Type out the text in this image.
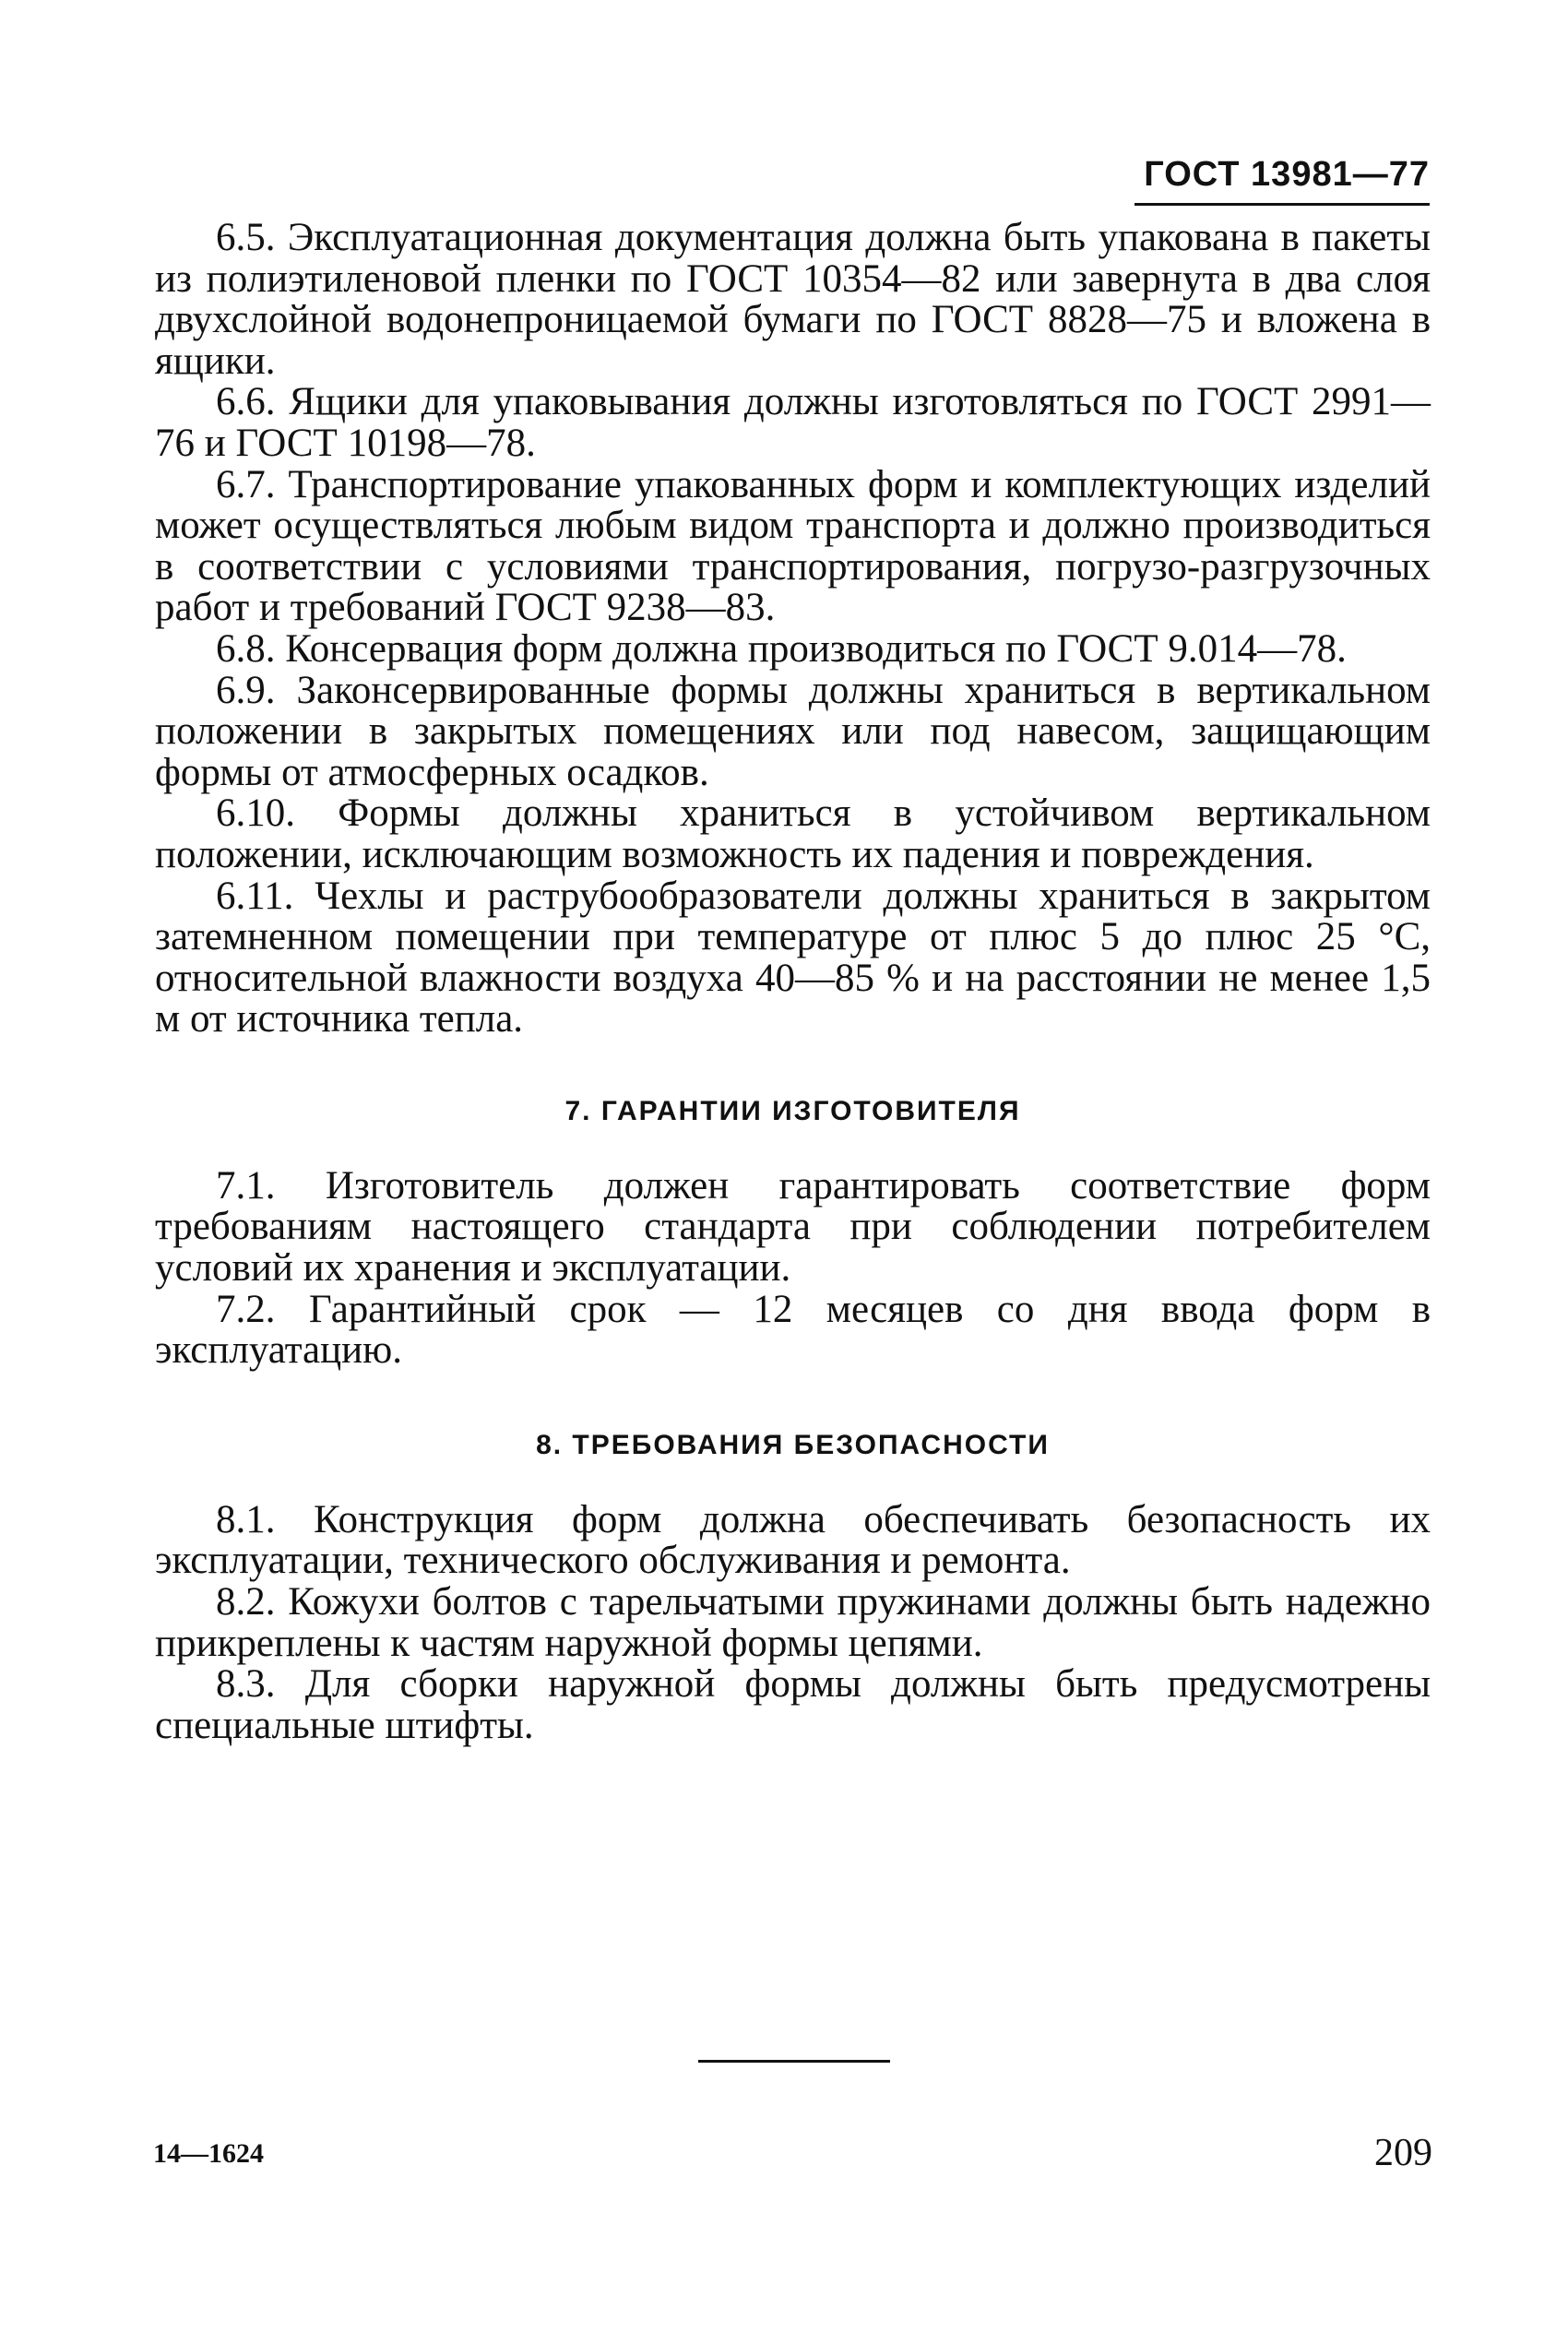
ГОСТ 13981—77

6.5. Эксплуатационная документация должна быть упакована в пакеты из полиэтиленовой пленки по ГОСТ 10354—82 или завернута в два слоя двухслойной водонепроницаемой бумаги по ГОСТ 8828—75 и вложена в ящики.

6.6. Ящики для упаковывания должны изготовляться по ГОСТ 2991—76 и ГОСТ 10198—78.

6.7. Транспортирование упакованных форм и комплектующих изделий может осуществляться любым видом транспорта и должно производиться в соответствии с условиями транспортирования, погрузо-разгрузочных работ и требований ГОСТ 9238—83.

6.8. Консервация форм должна производиться по ГОСТ 9.014—78.

6.9. Законсервированные формы должны храниться в вертикальном положении в закрытых помещениях или под навесом, защищающим формы от атмосферных осадков.

6.10. Формы должны храниться в устойчивом вертикальном положении, исключающим возможность их падения и повреждения.

6.11. Чехлы и раструбообразователи должны храниться в закрытом затемненном помещении при температуре от плюс 5 до плюс 25 °C, относительной влажности воздуха 40—85 % и на расстоянии не менее 1,5 м от источника тепла.

7. ГАРАНТИИ ИЗГОТОВИТЕЛЯ

7.1. Изготовитель должен гарантировать соответствие форм требованиям настоящего стандарта при соблюдении потребителем условий их хранения и эксплуатации.

7.2. Гарантийный срок — 12 месяцев со дня ввода форм в эксплуатацию.

8. ТРЕБОВАНИЯ БЕЗОПАСНОСТИ

8.1. Конструкция форм должна обеспечивать безопасность их эксплуатации, технического обслуживания и ремонта.

8.2. Кожухи болтов с тарельчатыми пружинами должны быть надежно прикреплены к частям наружной формы цепями.

8.3. Для сборки наружной формы должны быть предусмотрены специальные штифты.

14—1624	209
